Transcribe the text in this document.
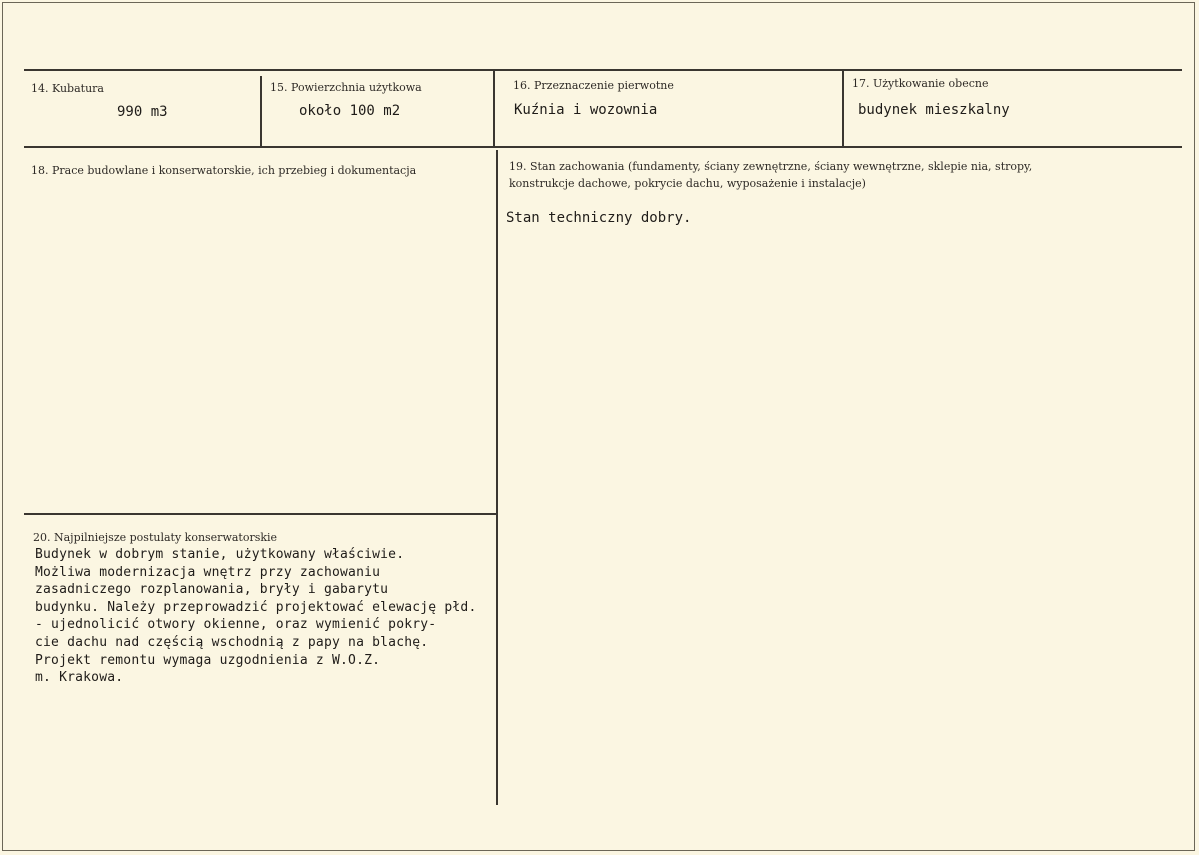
14. Kubatura
990 m3
15. Powierzchnia użytkowa
około 100 m2
16. Przeznaczenie pierwotne
Kuźnia i wozownia
17. Użytkowanie obecne
budynek mieszkalny
18. Prace budowlane i konserwatorskie, ich przebieg i dokumentacja	19. Stan zachowania (fundamenty, ściany zewnętrzne, ściany wewnętrzne, sklepie nia, stropy,
konstrukcje dachowe, pokrycie dachu, wyposażenie i instalacje)
Stan techniczny dobry.
20. Najpilniejsze postulaty konserwatorskie
Budynek w dobrym stanie, użytkowany właściwie.
Możliwa modernizacja wnętrz przy zachowaniu
zasadniczego rozplanowania, bryły i gabarytu
budynku. Należy przeprowadzić projektować elewację płd.
- ujednolicić otwory okienne, oraz wymienić pokry-
cie dachu nad częścią wschodnią z papy na blachę.
Projekt remontu wymaga uzgodnienia z W.O.Z.
m. Krakowa.
